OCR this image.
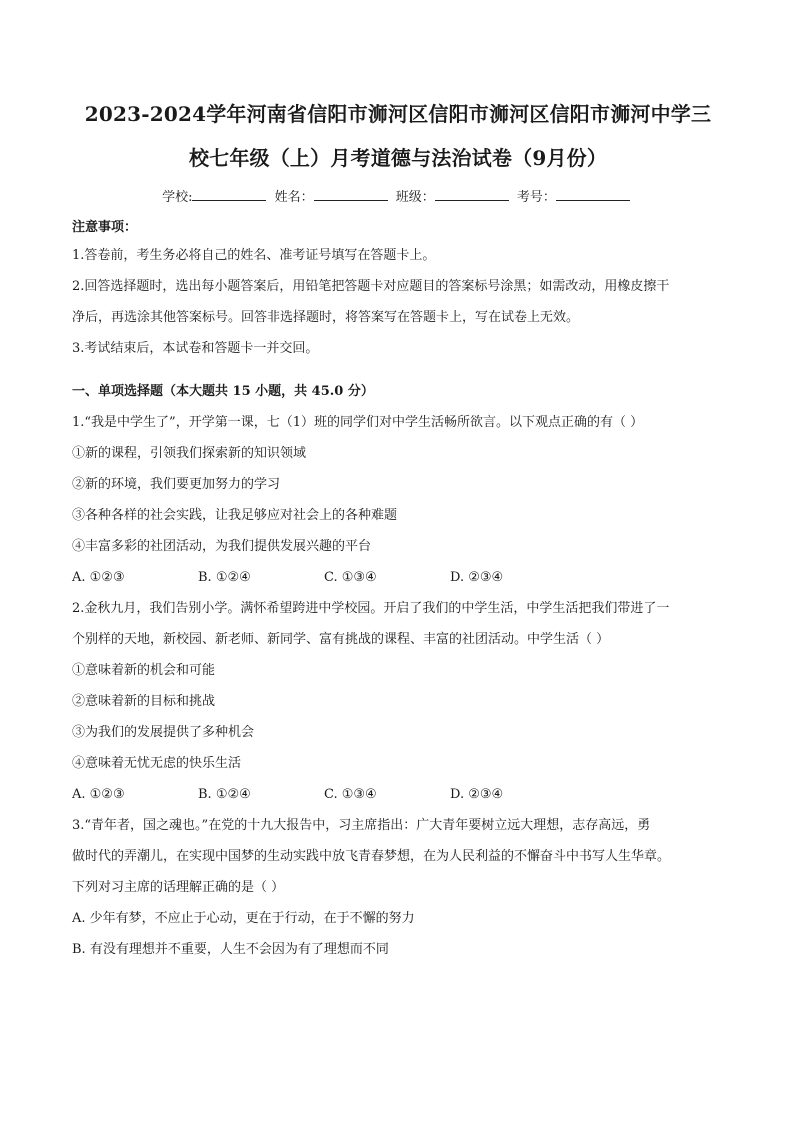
2023-2024学年河南省信阳市浉河区信阳市浉河区信阳市浉河中学三
校七年级（上）月考道德与法治试卷（9月份）
学校:	姓名：	班级：	考号：
注意事项：
1.答卷前，考生务必将自己的姓名、准考证号填写在答题卡上。
2.回答选择题时，选出每小题答案后，用铅笔把答题卡对应题目的答案标号涂黑；如需改动，用橡皮擦干
净后，再选涂其他答案标号。回答非选择题时，将答案写在答题卡上，写在试卷上无效。
3.考试结束后，本试卷和答题卡一并交回。
一、单项选择题（本大题共 15 小题，共 45.0 分）
1.“我是中学生了”，开学第一课，七（1）班的同学们对中学生活畅所欲言。以下观点正确的有（ ）
①新的课程，引领我们探索新的知识领域
②新的环境，我们要更加努力的学习
③各种各样的社会实践，让我足够应对社会上的各种难题
④丰富多彩的社团活动，为我们提供发展兴趣的平台
A. ①②③	B. ①②④	C. ①③④	D. ②③④
2.金秋九月，我们告别小学。满怀希望跨进中学校园。开启了我们的中学生活，中学生活把我们带进了一
个别样的天地，新校园、新老师、新同学、富有挑战的课程、丰富的社团活动。中学生活（ ）
①意味着新的机会和可能
②意味着新的目标和挑战
③为我们的发展提供了多种机会
④意味着无忧无虑的快乐生活
A. ①②③	B. ①②④	C. ①③④	D. ②③④
3.“青年者，国之魂也。”在党的十九大报告中，习主席指出：广大青年要树立远大理想，志存高远，勇
做时代的弄潮儿，在实现中国梦的生动实践中放飞青春梦想，在为人民利益的不懈奋斗中书写人生华章。
下列对习主席的话理解正确的是（ ）
A. 少年有梦，不应止于心动，更在于行动，在于不懈的努力
B. 有没有理想并不重要，人生不会因为有了理想而不同
